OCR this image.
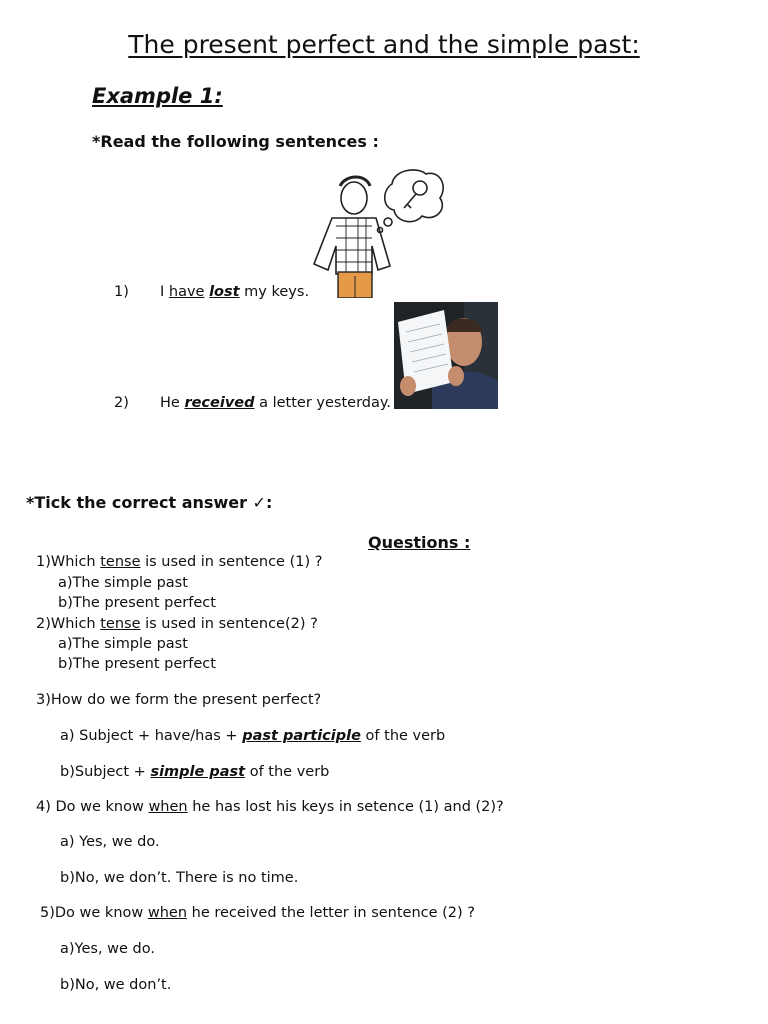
The present perfect and the simple past:
Example 1:
*Read the following sentences :
1) I have lost my keys.
2) He received a letter yesterday.
*Tick the correct answer ✓:
Questions :
1)Which tense is used in sentence (1) ?
a)The simple past
b)The present perfect
2)Which tense is used in sentence(2) ?
a)The simple past
b)The present perfect
3)How do we form the present perfect?
a) Subject + have/has + past participle of the verb
b)Subject + simple past of the verb
4) Do we know when he has lost his keys in setence (1) and (2)?
a) Yes, we do.
b)No, we don’t. There is no time.
5)Do we know when he received the letter in sentence (2) ?
a)Yes, we do.
b)No, we don’t.
